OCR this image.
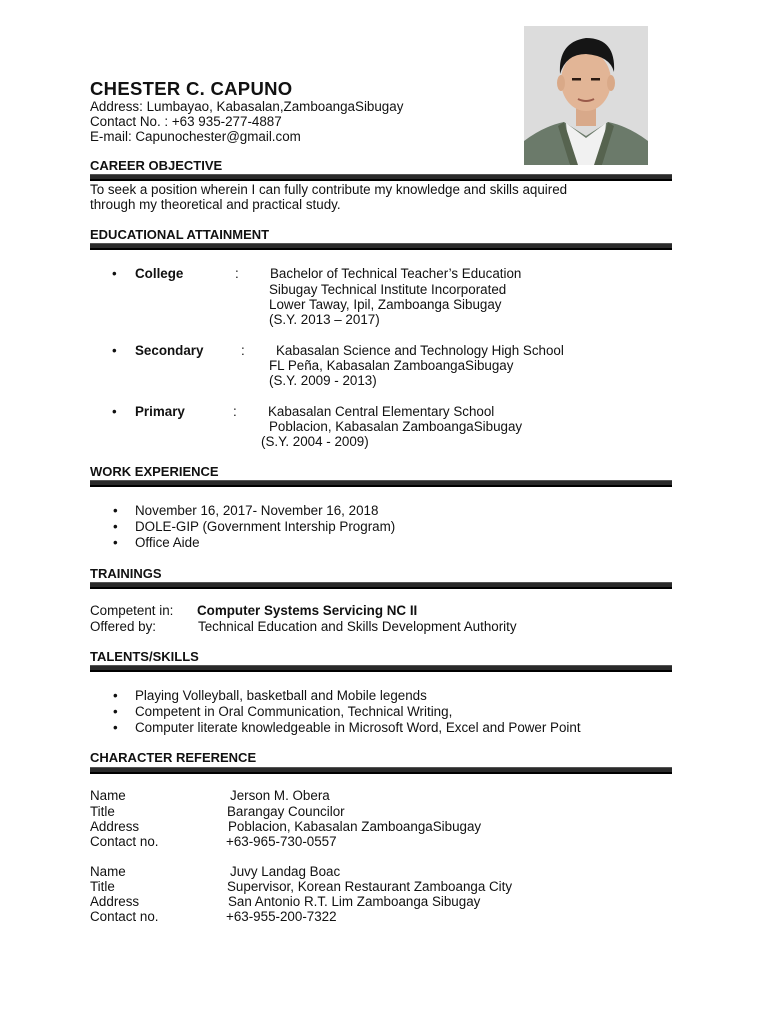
CHESTER C. CAPUNO
Address: Lumbayao, Kabasalan,ZamboangaSibugay
Contact No. : +63 935-277-4887
E-mail: Capunochester@gmail.com
CAREER OBJECTIVE
To seek a position wherein I can fully contribute my knowledge and skills aquired
through my theoretical and practical study.
EDUCATIONAL ATTAINMENT
• College	: Bachelor of Technical Teacher’s Education
Sibugay Technical Institute Incorporated
Lower Taway, Ipil, Zamboanga Sibugay
(S.Y. 2013 – 2017)
• Secondary	: Kabasalan Science and Technology High School
FL Peña, Kabasalan ZamboangaSibugay
(S.Y. 2009 - 2013)
• Primary	: Kabasalan Central Elementary School
Poblacion, Kabasalan ZamboangaSibugay
(S.Y. 2004 - 2009)
WORK EXPERIENCE
• November 16, 2017- November 16, 2018
• DOLE-GIP (Government Intership Program)
• Office Aide
TRAININGS
Competent in: Computer Systems Servicing NC II
Offered by:	Technical Education and Skills Development Authority
TALENTS/SKILLS
• Playing Volleyball, basketball and Mobile legends
• Competent in Oral Communication, Technical Writing,
• Computer literate knowledgeable in Microsoft Word, Excel and Power Point
CHARACTER REFERENCE
Name	Jerson M. Obera
Title	Barangay Councilor
Address	Poblacion, Kabasalan ZamboangaSibugay
Contact no.	+63-965-730-0557
Name	Juvy Landag Boac
Title	Supervisor, Korean Restaurant Zamboanga City
Address	San Antonio R.T. Lim Zamboanga Sibugay
Contact no.	+63-955-200-7322
